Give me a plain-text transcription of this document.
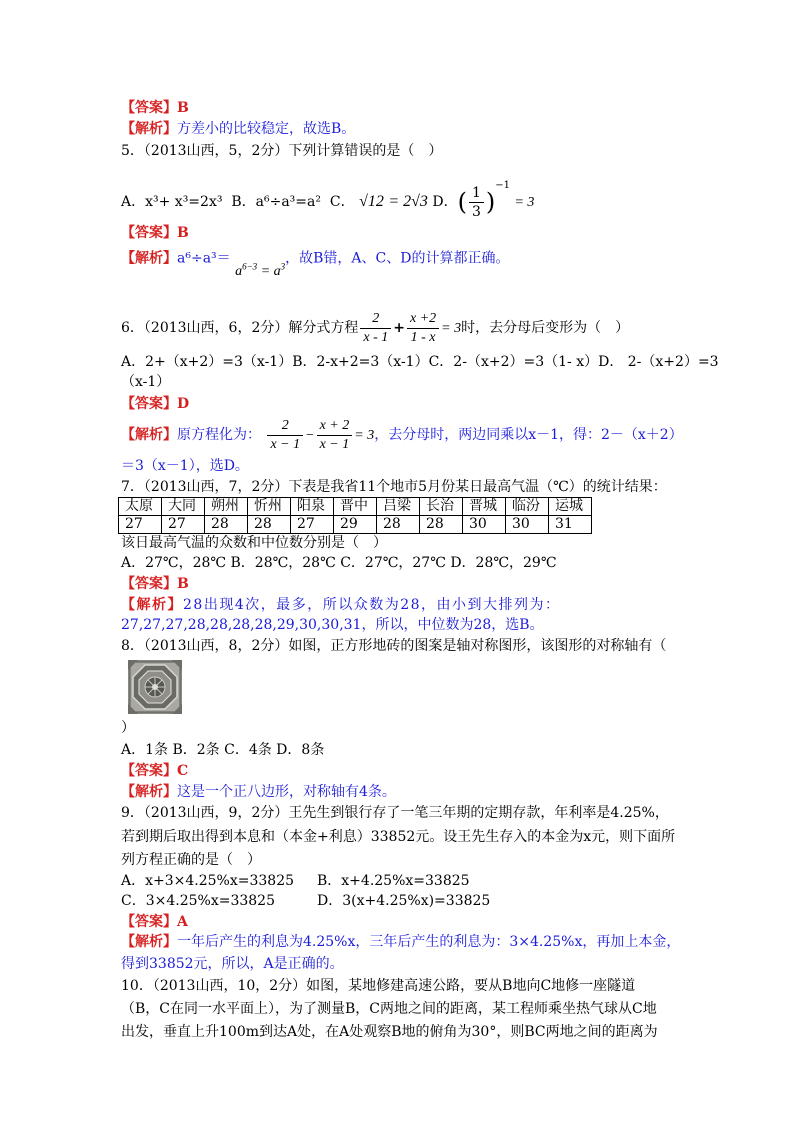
【答案】B
【解析】方差小的比较稳定，故选B。
5．（2013山西，5，2分）下列计算错误的是（　）
A．x³+ x³=2x³ B．a⁶÷a³=a² C． √12 = 2√3 D．( $\frac{1}{3} )^{-1} = 3$
【答案】B
【解析】$a^6\div a^3= a^{6-3} = a^3$，故B错，A、C、D的计算都正确。
6．（2013山西，6，2分）解分式方程 $\frac{2}{x - 1} + \frac{x +2}{1 - x} = 3$时，去分母后变形为（　）
A．2+（x+2）=3（x-1）B．2-x+2=3（x-1）C．2-（x+2）=3（1- x）D． 2-（x+2）=3
（x-1）
【答案】D
【解析】原方程化为： $\frac{2}{x - 1} - \frac{x + 2}{x - 1} = 3$，去分母时，两边同乘以x－1，得：2－（x＋2）
＝3（x－1），选D。
7．（2013山西，7，2分）下表是我省11个地市5月份某日最高气温（℃）的统计结果：
太原	大同	朔州	忻州	阳泉	晋中	吕梁	长治	晋城	临汾	运城
27	27	28	28	27	29	28	28	30	30	31
该日最高气温的众数和中位数分别是（　）
A．27℃，28℃ B．28℃，28℃ C．27℃，27℃ D．28℃，29℃
【答案】B
【解析】28出现4次，最多，所以众数为28，由小到大排列为：
27,27,27,28,28,28,28,29,30,30,31，所以，中位数为28，选B。
8．（2013山西，8，2分）如图，正方形地砖的图案是轴对称图形，该图形的对称轴有（
）
A．1条 B．2条 C．4条 D．8条
【答案】C
【解析】这是一个正八边形，对称轴有4条。
9．（2013山西，9，2分）王先生到银行存了一笔三年期的定期存款，年利率是4.25%，
若到期后取出得到本息和（本金+利息）33852元。设王先生存入的本金为x元，则下面所
列方程正确的是（　）
A．x+3×4.25%x=33825 B．x+4.25%x=33825
C．3×4.25%x=33825	D．3(x+4.25%x)=33825
【答案】A
【解析】一年后产生的利息为4.25%x，三年后产生的利息为：3×4.25%x，再加上本金，
得到33852元，所以，A是正确的。
10．（2013山西，10，2分）如图，某地修建高速公路，要从B地向C地修一座隧道
（B，C在同一水平面上），为了测量B，C两地之间的距离，某工程师乘坐热气球从C地
出发，垂直上升100m到达A处，在A处观察B地的俯角为30°，则BC两地之间的距离为
